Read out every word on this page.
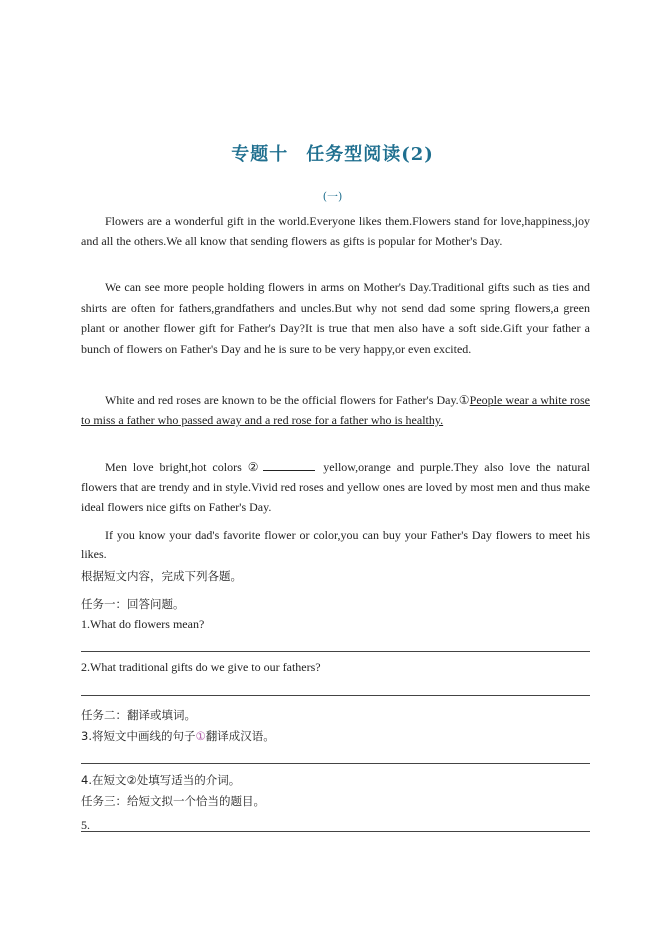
专题十 任务型阅读(2)
(一)

Flowers are a wonderful gift in the world.Everyone likes them.Flowers stand for love,happiness,joy and all the others.We all know that sending flowers as gifts is popular for Mother's Day.

We can see more people holding flowers in arms on Mother's Day.Traditional gifts such as ties and shirts are often for fathers,grandfathers and uncles.But why not send dad some spring flowers,a green plant or another flower gift for Father's Day?It is true that men also have a soft side.Gift your father a bunch of flowers on Father's Day and he is sure to be very happy,or even excited.

White and red roses are known to be the official flowers for Father's Day.①People wear a white rose to miss a father who passed away and a red rose for a father who is healthy.

Men love bright,hot colors ②	yellow,orange and purple.They also love the natural flowers that are trendy and in style.Vivid red roses and yellow ones are loved by most men and thus make ideal flowers nice gifts on Father's Day.

If you know your dad's favorite flower or color,you can buy your Father's Day flowers to meet his likes.

根据短文内容，完成下列各题。
任务一：回答问题。
1.What do flowers mean?
2.What traditional gifts do we give to our fathers?
任务二：翻译或填词。
3.将短文中画线的句子①翻译成汉语。
4.在短文②处填写适当的介词。
任务三：给短文拟一个恰当的题目。
5.
